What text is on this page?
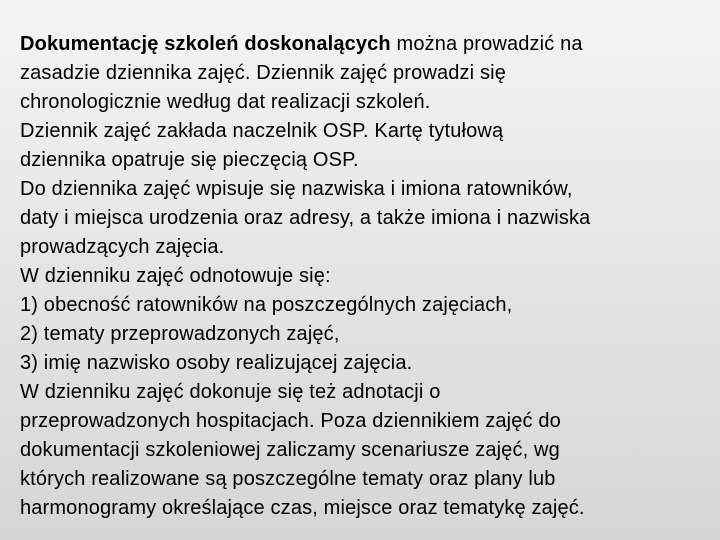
Dokumentację szkoleń doskonalących można prowadzić na
zasadzie dziennika zajęć. Dziennik zajęć prowadzi się
chronologicznie według dat realizacji szkoleń.
Dziennik zajęć zakłada naczelnik OSP. Kartę tytułową
dziennika opatruje się pieczęcią OSP.
Do dziennika zajęć wpisuje się nazwiska i imiona ratowników,
daty i miejsca urodzenia oraz adresy, a także imiona i nazwiska
prowadzących zajęcia.
W dzienniku zajęć odnotowuje się:
1) obecność ratowników na poszczególnych zajęciach,
2) tematy przeprowadzonych zajęć,
3) imię nazwisko osoby realizującej zajęcia.
W dzienniku zajęć dokonuje się też adnotacji o
przeprowadzonych hospitacjach. Poza dziennikiem zajęć do
dokumentacji szkoleniowej zaliczamy scenariusze zajęć, wg
których realizowane są poszczególne tematy oraz plany lub
harmonogramy określające czas, miejsce oraz tematykę zajęć.
